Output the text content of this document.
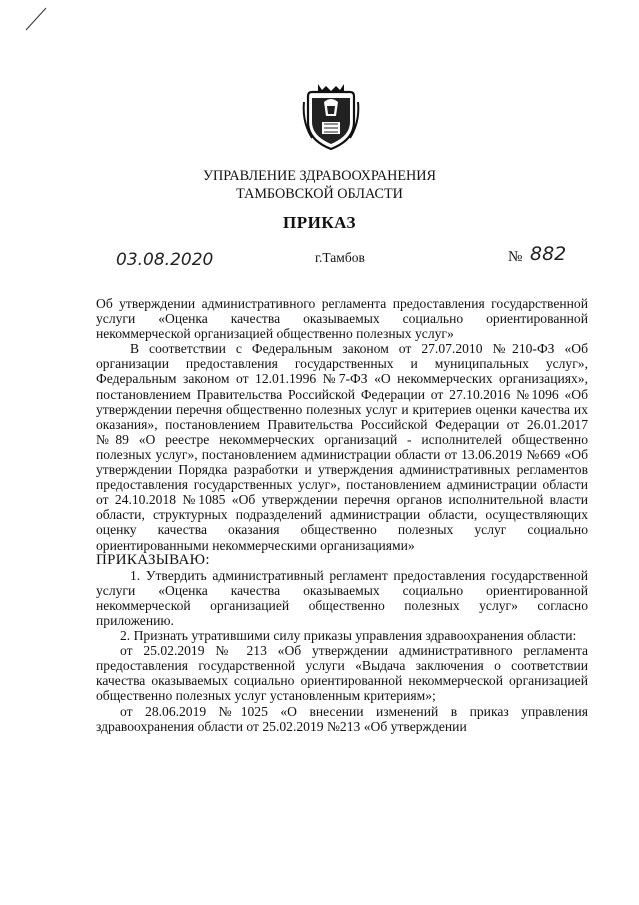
УПРАВЛЕНИЕ ЗДРАВООХРАНЕНИЯ
ТАМБОВСКОЙ ОБЛАСТИ
ПРИКАЗ
03.08.2020	г.Тамбов	№ 882

Об утверждении административного регламента предоставления государственной услуги «Оценка качества оказываемых социально ориентированной некоммерческой организацией общественно полезных услуг»

В соответствии с Федеральным законом от 27.07.2010 №210-ФЗ «Об организации предоставления государственных и муниципальных услуг», Федеральным законом от 12.01.1996 №7-ФЗ «О некоммерческих организациях», постановлением Правительства Российской Федерации от 27.10.2016 №1096 «Об утверждении перечня общественно полезных услуг и критериев оценки качества их оказания», постановлением Правительства Российской Федерации от 26.01.2017 №89 «О реестре некоммерческих организаций - исполнителей общественно полезных услуг», постановлением администрации области от 13.06.2019 №669 «Об утверждении Порядка разработки и утверждения административных регламентов предоставления государственных услуг», постановлением администрации области от 24.10.2018 №1085 «Об утверждении перечня органов исполнительной власти области, структурных подразделений администрации области, осуществляющих оценку качества оказания общественно полезных услуг социально ориентированными некоммерческими организациями»

ПРИКАЗЫВАЮ:

1. Утвердить административный регламент предоставления государственной услуги «Оценка качества оказываемых социально ориентированной некоммерческой организацией общественно полезных услуг» согласно приложению.

2. Признать утратившими силу приказы управления здравоохранения области:

от 25.02.2019 № 213 «Об утверждении административного регламента предоставления государственной услуги «Выдача заключения о соответствии качества оказываемых социально ориентированной некоммерческой организацией общественно полезных услуг установленным критериям»;

от 28.06.2019 №1025 «О внесении изменений в приказ управления здравоохранения области от 25.02.2019 №213 «Об утверждении
